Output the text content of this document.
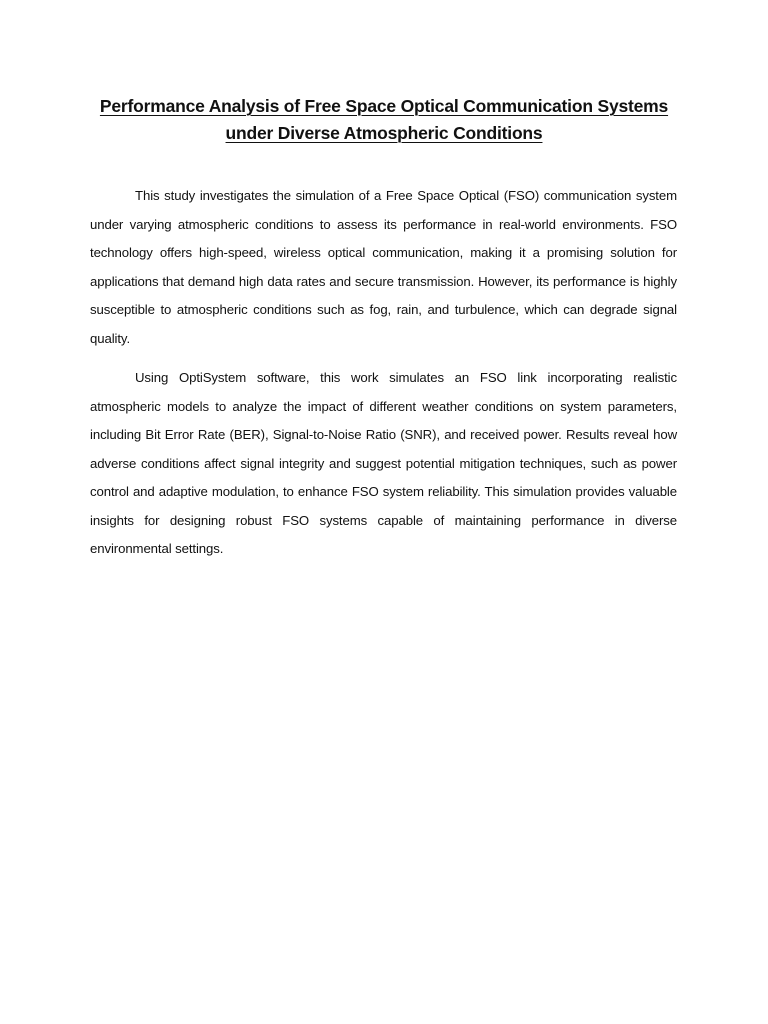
Performance Analysis of Free Space Optical Communication Systems
under Diverse Atmospheric Conditions

This study investigates the simulation of a Free Space Optical (FSO) communication system under varying atmospheric conditions to assess its performance in real-world environments. FSO technology offers high-speed, wireless optical communication, making it a promising solution for applications that demand high data rates and secure transmission. However, its performance is highly susceptible to atmospheric conditions such as fog, rain, and turbulence, which can degrade signal quality.

Using OptiSystem software, this work simulates an FSO link incorporating realistic atmospheric models to analyze the impact of different weather conditions on system parameters, including Bit Error Rate (BER), Signal-to-Noise Ratio (SNR), and received power. Results reveal how adverse conditions affect signal integrity and suggest potential mitigation techniques, such as power control and adaptive modulation, to enhance FSO system reliability. This simulation provides valuable insights for designing robust FSO systems capable of maintaining performance in diverse environmental settings.
